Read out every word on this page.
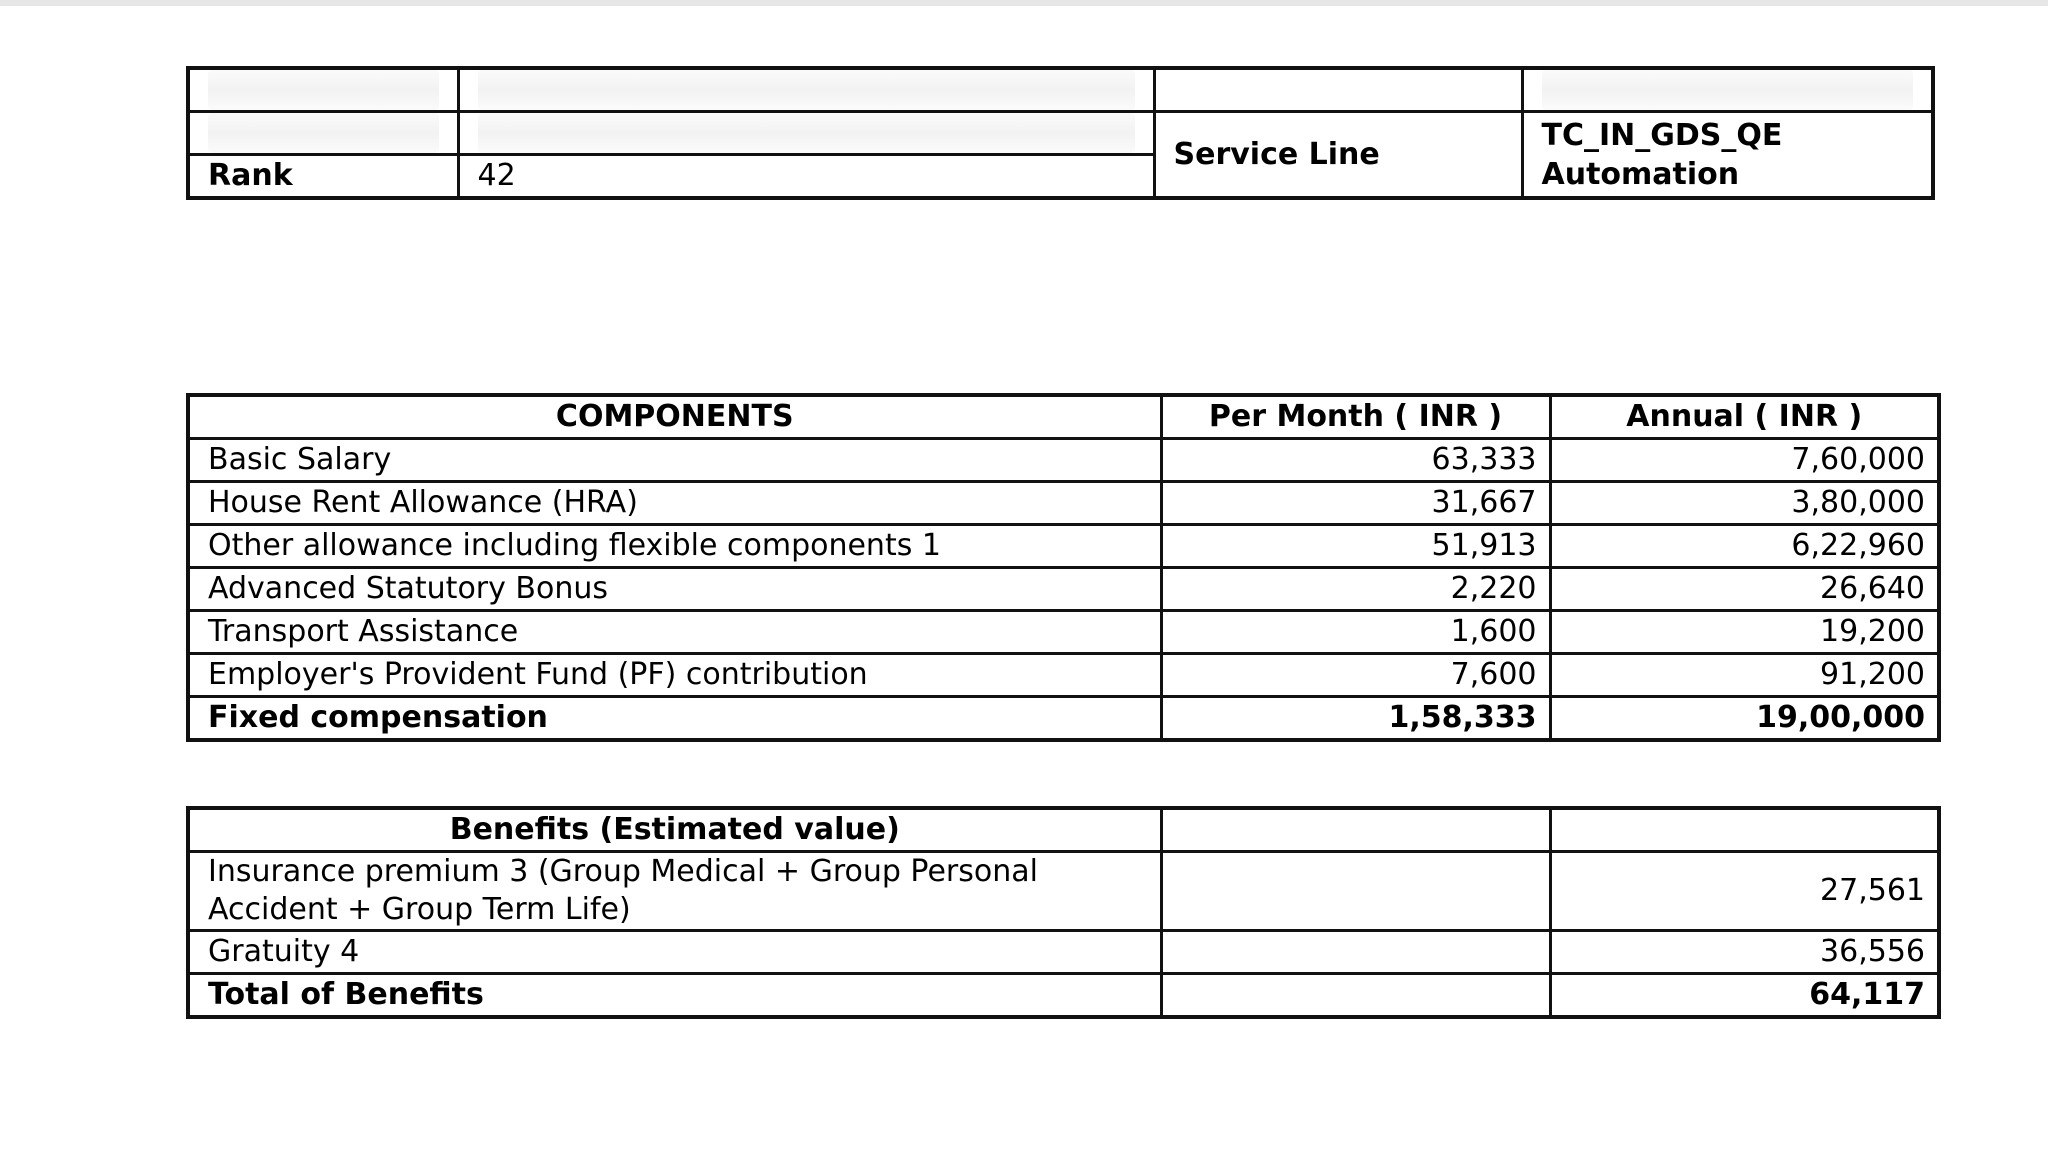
	Service Line	TC_IN_GDS_QE
Automation

Rank	42		
COMPONENTS	Per Month ( INR )	Annual ( INR )
Basic Salary	63,333	7,60,000
House Rent Allowance (HRA)	31,667	3,80,000
Other allowance including flexible components 1	51,913	6,22,960
Advanced Statutory Bonus	2,220	26,640
Transport Assistance	1,600	19,200
Employer's Provident Fund (PF) contribution	7,600	91,200
Fixed compensation	1,58,333	19,00,000
Benefits (Estimated value)		
Insurance premium 3 (Group Medical + Group Personal Accident + Group Term Life)		27,561
Gratuity 4		36,556
Total of Benefits		64,117
